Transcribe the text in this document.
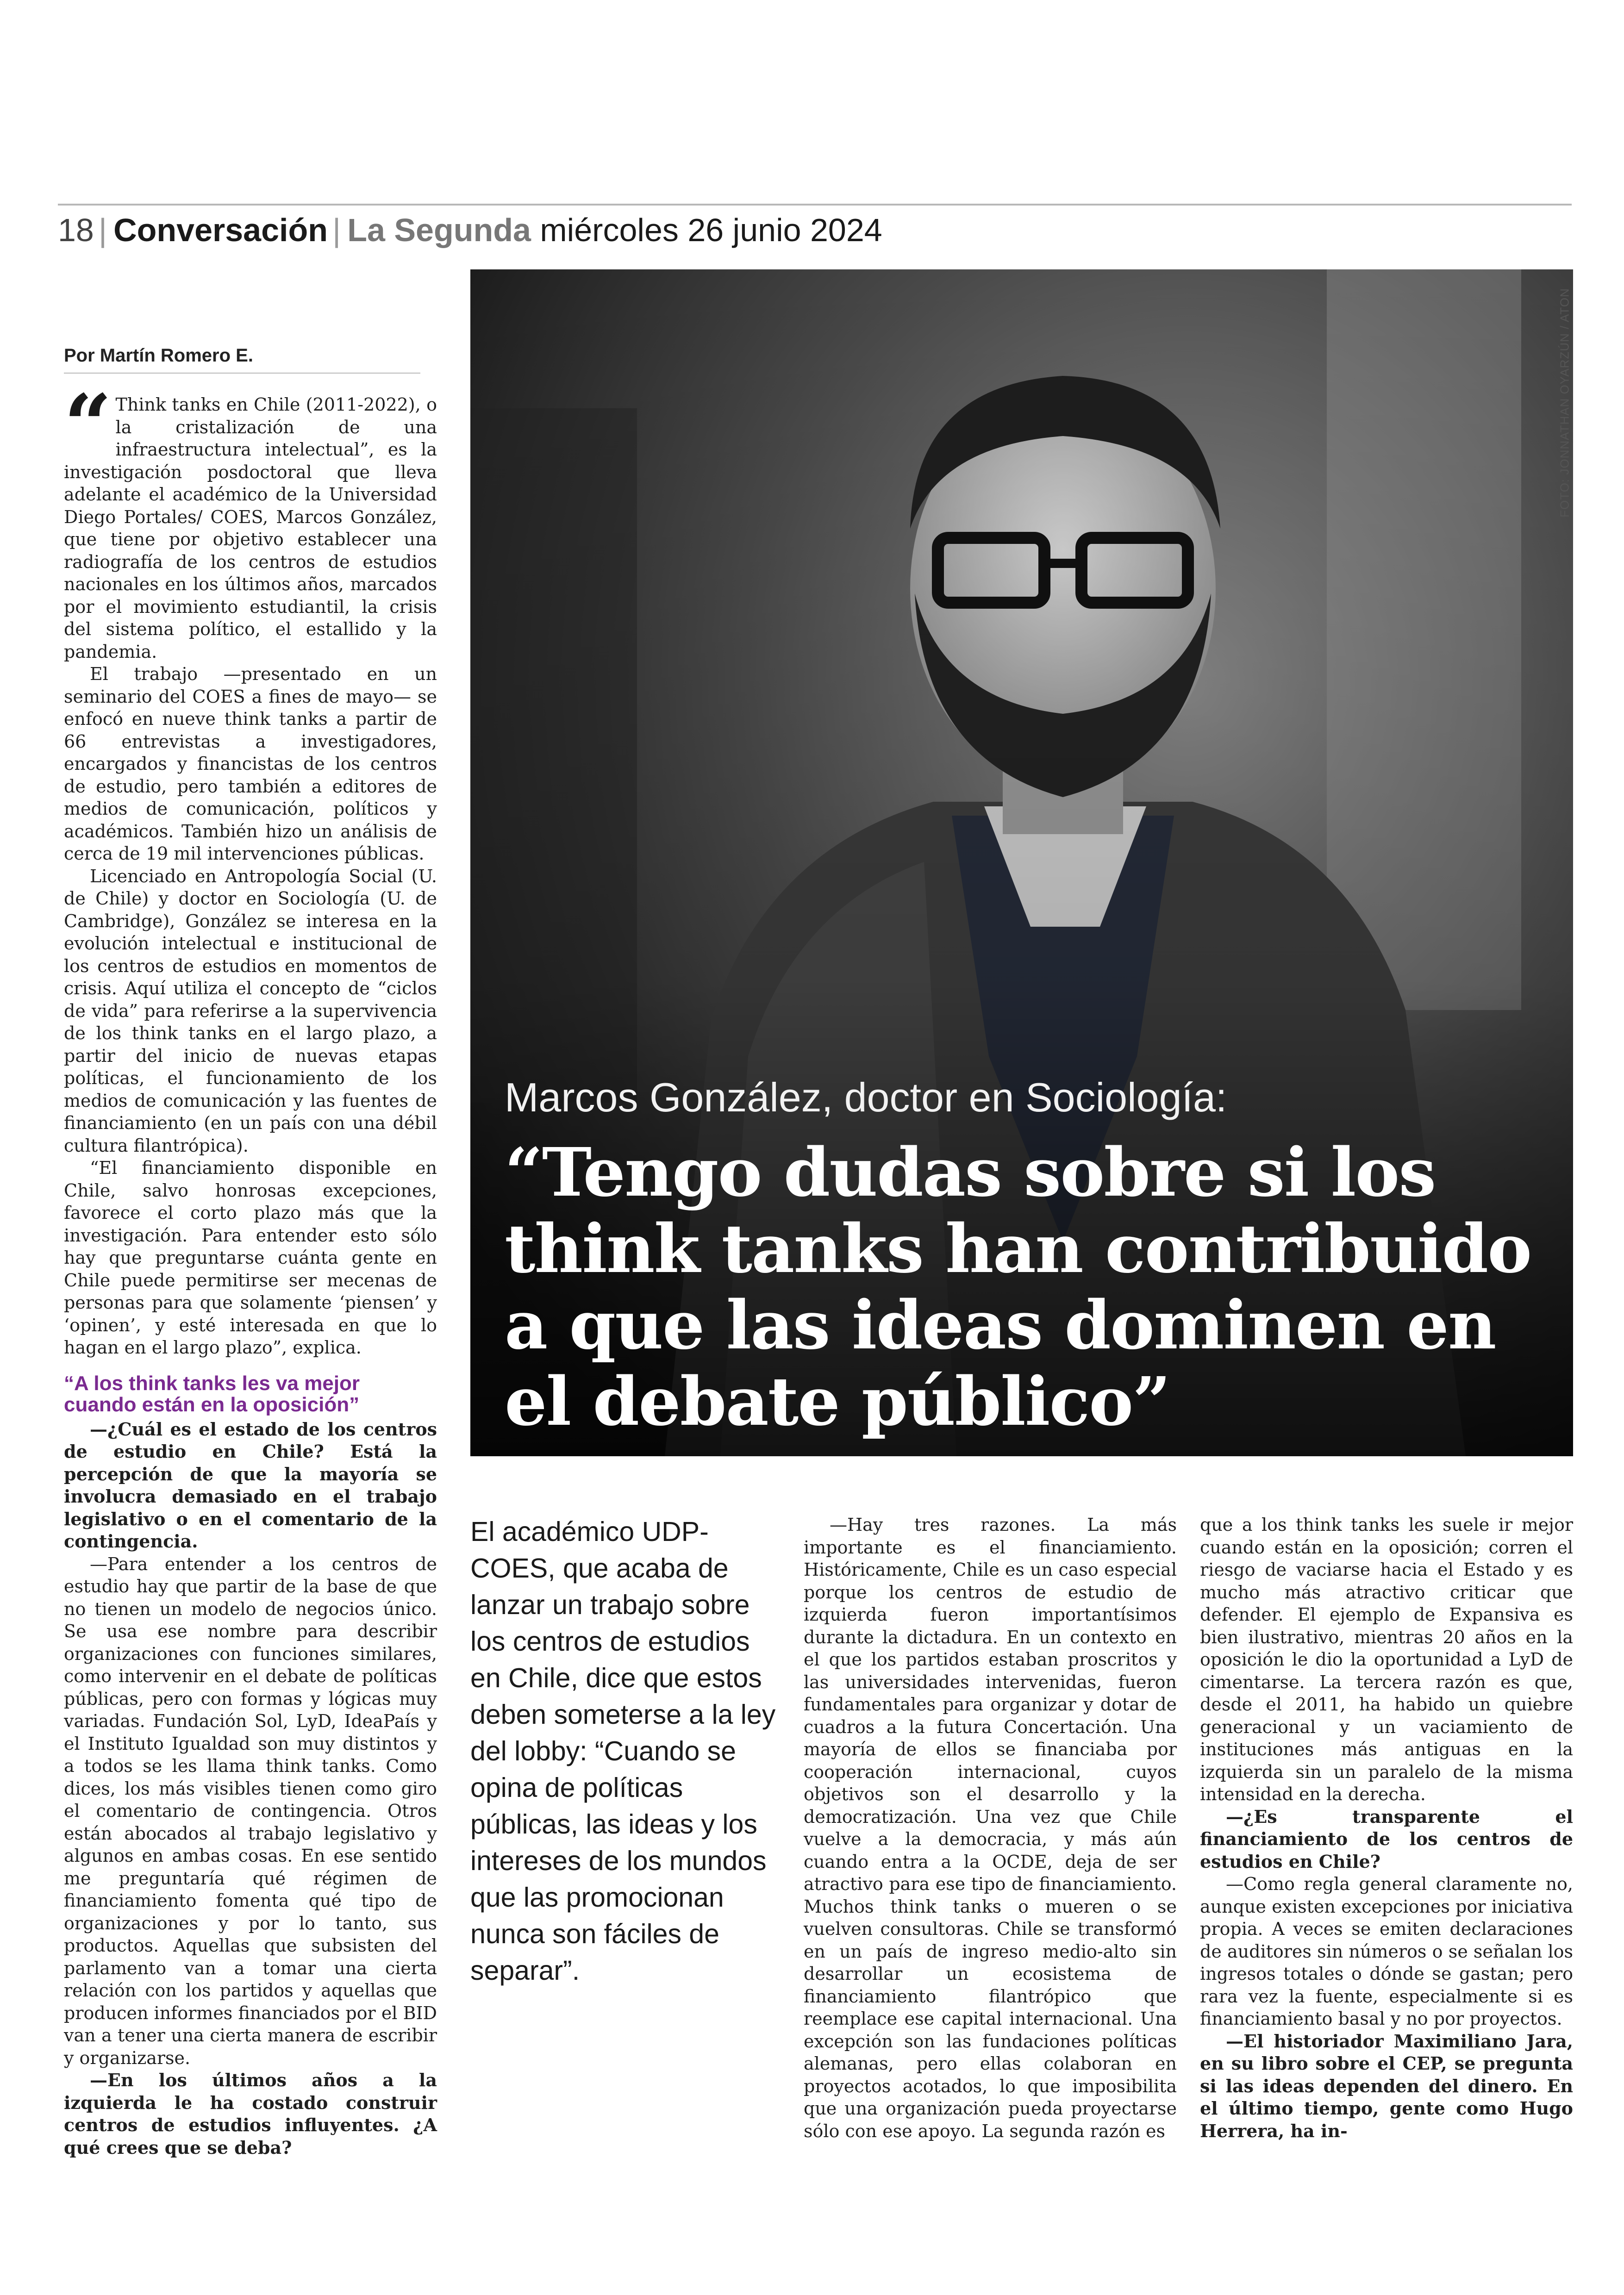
18 | Conversación | La Segunda miércoles 26 junio 2024
Marcos González, doctor en Sociología:
“Tengo dudas sobre si los think tanks han contribuido a que las ideas dominen en el debate público”
FOTO: JONNATHAN OYARZÚN / ATON
Por Martín Romero E.
“ Think tanks en Chile (2011-2022), o la cristalización de una infraestructura intelectual”, es la investigación posdoctoral que lleva adelante el académico de la Universidad Diego Portales/ COES, Marcos González, que tiene por objetivo establecer una radiografía de los centros de estudios nacionales en los últimos años, marcados por el movimiento estudiantil, la crisis del sistema político, el estallido y la pandemia.

El trabajo —presentado en un seminario del COES a fines de mayo— se enfocó en nueve think tanks a partir de 66 entrevistas a investigadores, encargados y financistas de los centros de estudio, pero también a editores de medios de comunicación, políticos y académicos. También hizo un análisis de cerca de 19 mil intervenciones públicas.

Licenciado en Antropología Social (U. de Chile) y doctor en Sociología (U. de Cambridge), González se interesa en la evolución intelectual e institucional de los centros de estudios en momentos de crisis. Aquí utiliza el concepto de “ciclos de vida” para referirse a la supervivencia de los think tanks en el largo plazo, a partir del inicio de nuevas etapas políticas, el funcionamiento de los medios de comunicación y las fuentes de financiamiento (en un país con una débil cultura filantrópica).

“El financiamiento disponible en Chile, salvo honrosas excepciones, favorece el corto plazo más que la investigación. Para entender esto sólo hay que preguntarse cuánta gente en Chile puede permitirse ser mecenas de personas para que solamente ‘piensen’ y ‘opinen’, y esté interesada en que lo hagan en el largo plazo”, explica.

“A los think tanks les va mejor cuando están en la oposición”

—¿Cuál es el estado de los centros de estudio en Chile? Está la percepción de que la mayoría se involucra demasiado en el trabajo legislativo o en el comentario de la contingencia.

—Para entender a los centros de estudio hay que partir de la base de que no tienen un modelo de negocios único. Se usa ese nombre para describir organizaciones con funciones similares, como intervenir en el debate de políticas públicas, pero con formas y lógicas muy variadas. Fundación Sol, LyD, IdeaPaís y el Instituto Igualdad son muy distintos y a todos se les llama think tanks. Como dices, los más visibles tienen como giro el comentario de contingencia. Otros están abocados al trabajo legislativo y algunos en ambas cosas. En ese sentido me preguntaría qué régimen de financiamiento fomenta qué tipo de organizaciones y por lo tanto, sus productos. Aquellas que subsisten del parlamento van a tomar una cierta relación con los partidos y aquellas que producen informes financiados por el BID van a tener una cierta manera de escribir y organizarse.

—En los últimos años a la izquierda le ha costado construir centros de estudios influyentes. ¿A qué crees que se deba?

El académico UDP-COES, que acaba de lanzar un trabajo sobre los centros de estudios en Chile, dice que estos deben someterse a la ley del lobby: “Cuando se opina de políticas públicas, las ideas y los intereses de los mundos que las promocionan nunca son fáciles de separar”.

—Hay tres razones. La más importante es el financiamiento. Históricamente, Chile es un caso especial porque los centros de estudio de izquierda fueron importantísimos durante la dictadura. En un contexto en el que los partidos estaban proscritos y las universidades intervenidas, fueron fundamentales para organizar y dotar de cuadros a la futura Concertación. Una mayoría de ellos se financiaba por cooperación internacional, cuyos objetivos son el desarrollo y la democratización. Una vez que Chile vuelve a la democracia, y más aún cuando entra a la OCDE, deja de ser atractivo para ese tipo de financiamiento. Muchos think tanks o mueren o se vuelven consultoras. Chile se transformó en un país de ingreso medio-alto sin desarrollar un ecosistema de financiamiento filantrópico que reemplace ese capital internacional. Una excepción son las fundaciones políticas alemanas, pero ellas colaboran en proyectos acotados, lo que imposibilita que una organización pueda proyectarse sólo con ese apoyo. La segunda razón es

que a los think tanks les suele ir mejor cuando están en la oposición; corren el riesgo de vaciarse hacia el Estado y es mucho más atractivo criticar que defender. El ejemplo de Expansiva es bien ilustrativo, mientras 20 años en la oposición le dio la oportunidad a LyD de cimentarse. La tercera razón es que, desde el 2011, ha habido un quiebre generacional y un vaciamiento de instituciones más antiguas en la izquierda sin un paralelo de la misma intensidad en la derecha.

—¿Es transparente el financiamiento de los centros de estudios en Chile?

—Como regla general claramente no, aunque existen excepciones por iniciativa propia. A veces se emiten declaraciones de auditores sin números o se señalan los ingresos totales o dónde se gastan; pero rara vez la fuente, especialmente si es financiamiento basal y no por proyectos.

—El historiador Maximiliano Jara, en su libro sobre el CEP, se pregunta si las ideas dependen del dinero. En el último tiempo, gente como Hugo Herrera, ha in-
